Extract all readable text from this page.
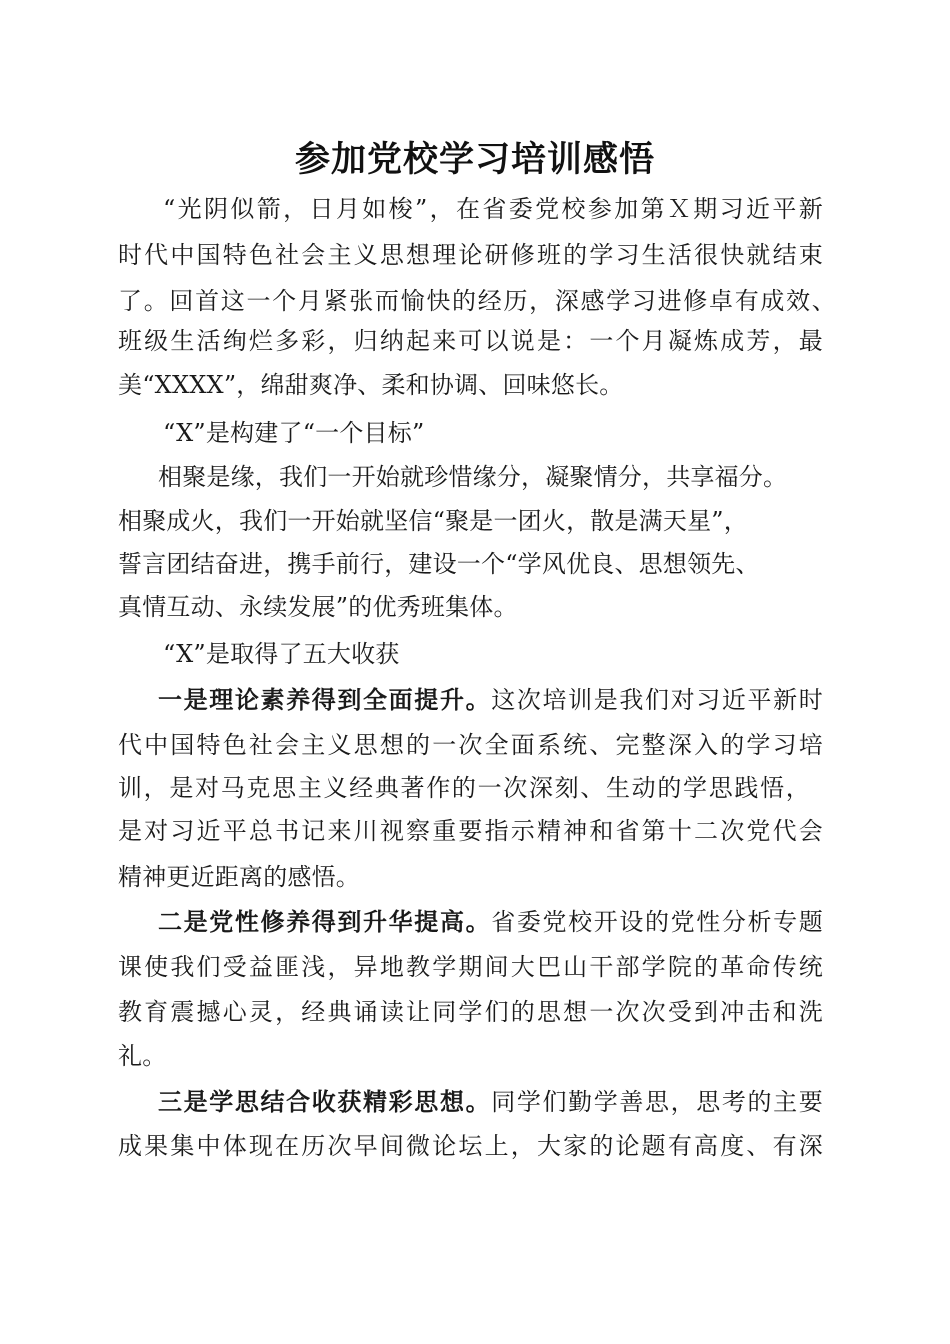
参加党校学习培训感悟
“光阴似箭，日月如梭”，在省委党校参加第Ｘ期习近平新
时代中国特色社会主义思想理论研修班的学习生活很快就结束
了。回首这一个月紧张而愉快的经历，深感学习进修卓有成效、
班级生活绚烂多彩，归纳起来可以说是：一个月凝炼成芳，最
美“XXXX”，绵甜爽净、柔和协调、回味悠长。
“X”是构建了“一个目标”
相聚是缘，我们一开始就珍惜缘分，凝聚情分，共享福分。
相聚成火，我们一开始就坚信“聚是一团火，散是满天星”，
誓言团结奋进，携手前行，建设一个“学风优良、思想领先、
真情互动、永续发展”的优秀班集体。
“X”是取得了五大收获
一是理论素养得到全面提升。这次培训是我们对习近平新时
代中国特色社会主义思想的一次全面系统、完整深入的学习培
训，是对马克思主义经典著作的一次深刻、生动的学思践悟，
是对习近平总书记来川视察重要指示精神和省第十二次党代会
精神更近距离的感悟。
二是党性修养得到升华提高。省委党校开设的党性分析专题
课使我们受益匪浅，异地教学期间大巴山干部学院的革命传统
教育震撼心灵，经典诵读让同学们的思想一次次受到冲击和洗
礼。
三是学思结合收获精彩思想。同学们勤学善思，思考的主要
成果集中体现在历次早间微论坛上，大家的论题有高度、有深
